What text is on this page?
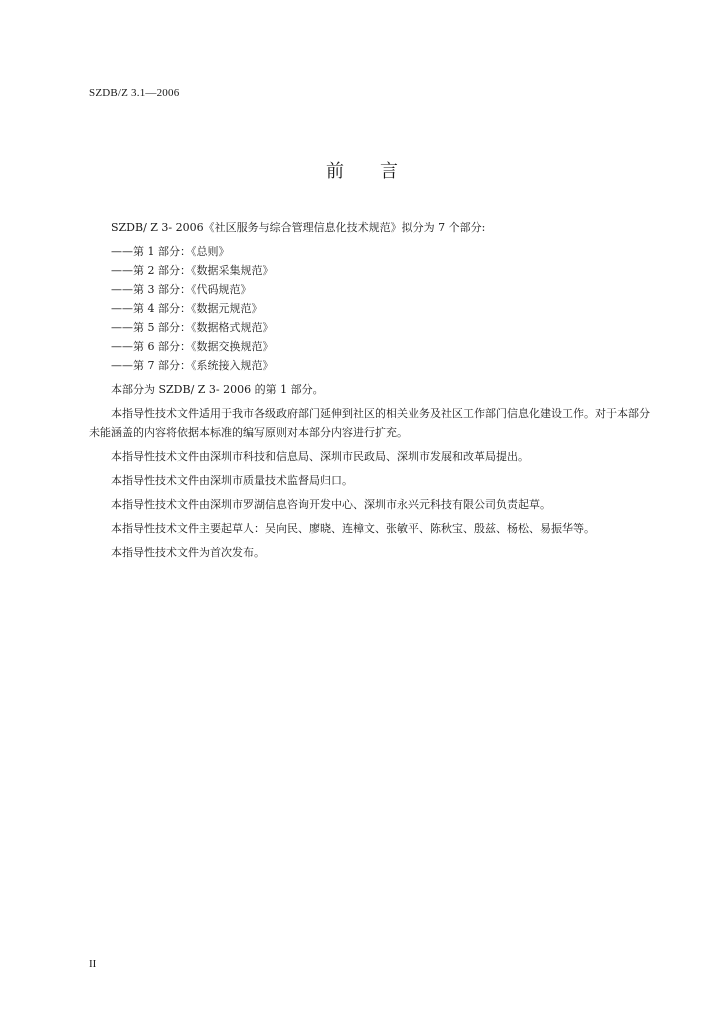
SZDB/Z 3.1—2006
前 言

SZDB/ Z 3- 2006《社区服务与综合管理信息化技术规范》拟分为 7 个部分:

——第 1 部分：《总则》
——第 2 部分：《数据采集规范》
——第 3 部分：《代码规范》
——第 4 部分：《数据元规范》
——第 5 部分：《数据格式规范》
——第 6 部分：《数据交换规范》
——第 7 部分：《系统接入规范》

本部分为 SZDB/ Z 3- 2006 的第 1 部分。

本指导性技术文件适用于我市各级政府部门延伸到社区的相关业务及社区工作部门信息化建设工作。对于本部分未能涵盖的内容将依据本标准的编写原则对本部分内容进行扩充。

本指导性技术文件由深圳市科技和信息局、深圳市民政局、深圳市发展和改革局提出。

本指导性技术文件由深圳市质量技术监督局归口。

本指导性技术文件由深圳市罗湖信息咨询开发中心、深圳市永兴元科技有限公司负责起草。

本指导性技术文件主要起草人：吴向民、廖晓、连樟文、张敏平、陈秋宝、殷兹、杨松、易振华等。

本指导性技术文件为首次发布。

II
